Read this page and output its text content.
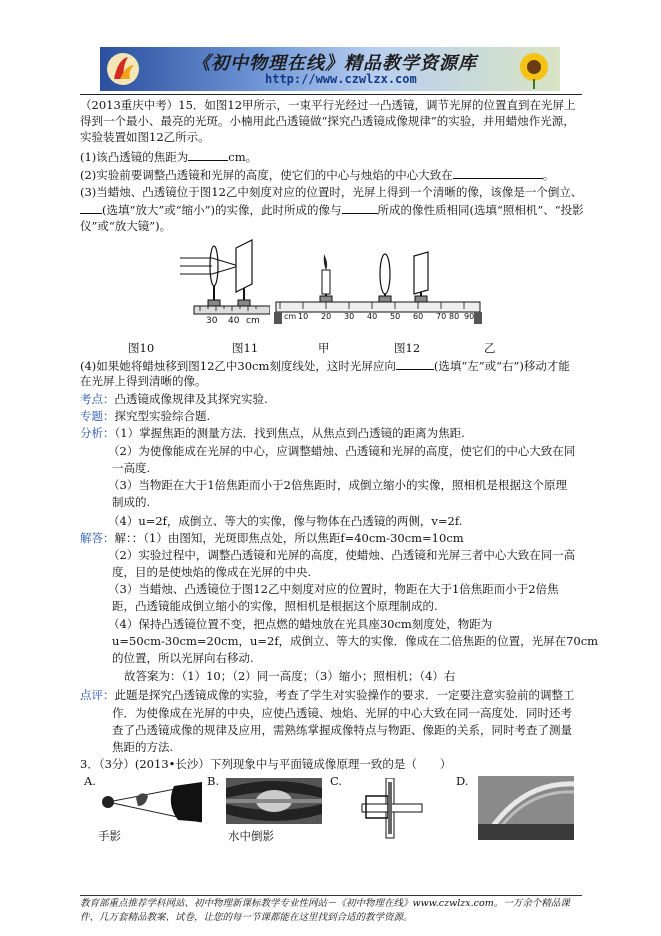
《初中物理在线》精品教学资源库
http://www.czwlzx.com
（2013重庆中考）15．如图12甲所示，一束平行光经过一凸透镜，调节光屏的位置直到在光屏上
得到一个最小、最亮的光斑。小楠用此凸透镜做“探究凸透镜成像规律”的实验，并用蜡烛作光源，
实验装置如图12乙所示。
(1)该凸透镜的焦距为	cm。
(2)实验前要调整凸透镜和光屏的高度，使它们的中心与烛焰的中心大致在	。
(3)当蜡烛、凸透镜位于图12乙中刻度对应的位置时，光屏上得到一个清晰的像，该像是一个倒立、
(选填“放大”或“缩小”)的实像，此时所成的像与	所成的像性质相同(选填“照相机”、“投影
仪”或“放大镜”)。
30 40 cm	cm 10 20 30 40 50 60 70 80 90
图10	图11	甲	图12	乙
(4)如果她将蜡烛移到图12乙中30cm刻度线处，这时光屏应向	(选填“左”或“右”)移动才能
在光屏上得到清晰的像。
考点：凸透镜成像规律及其探究实验.
专题：探究型实验综合题.
分析：（1）掌握焦距的测量方法．找到焦点，从焦点到凸透镜的距离为焦距.
（2）为使像能成在光屏的中心，应调整蜡烛、凸透镜和光屏的高度，使它们的中心大致在同
一高度.
（3）当物距在大于1倍焦距而小于2倍焦距时，成倒立缩小的实像，照相机是根据这个原理
制成的.
（4）u=2f，成倒立、等大的实像，像与物体在凸透镜的两侧，v=2f.
解答：解：：（1）由图知，光斑即焦点处，所以焦距f=40cm-30cm=10cm
（2）实验过程中，调整凸透镜和光屏的高度，使蜡烛、凸透镜和光屏三者中心大致在同一高
度，目的是使烛焰的像成在光屏的中央.
（3）当蜡烛、凸透镜位于图12乙中刻度对应的位置时，物距在大于1倍焦距而小于2倍焦
距，凸透镜能成倒立缩小的实像，照相机是根据这个原理制成的.
（4）保持凸透镜位置不变，把点燃的蜡烛放在光具座30cm刻度处，物距为
u=50cm-30cm=20cm，u=2f，成倒立、等大的实像．像成在二倍焦距的位置，光屏在70cm
的位置，所以光屏向右移动.
故答案为：（1）10；（2）同一高度；（3）缩小；照相机；（4）右
点评：此题是探究凸透镜成像的实验，考查了学生对实验操作的要求．一定要注意实验前的调整工
作．为使像成在光屏的中央，应使凸透镜、烛焰、光屏的中心大致在同一高度处．同时还考
查了凸透镜成像的规律及应用，需熟练掌握成像特点与物距、像距的关系，同时考查了测量
焦距的方法.
3．（3分）(2013•长沙）下列现象中与平面镜成像原理一致的是（　　）
A.
手影
B.
水中倒影
C.	D.
教育部重点推荐学科网站、初中物理新课标教学专业性网站－《初中物理在线》www.czwlzx.com。一万余个精品课
件、几万套精品教案、试卷，让您的每一节课都能在这里找到合适的教学资源。
